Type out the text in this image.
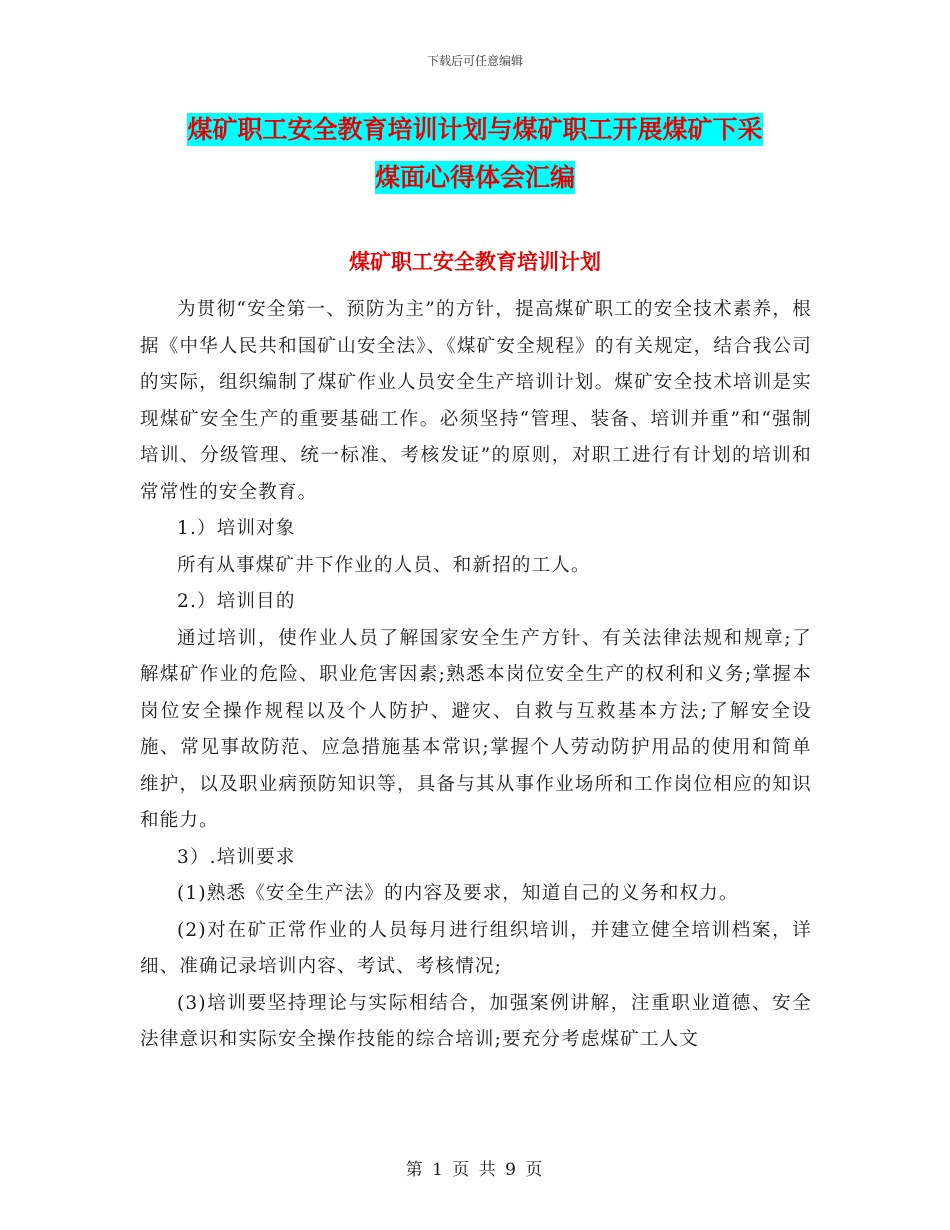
下载后可任意编辑
煤矿职工安全教育培训计划与煤矿职工开展煤矿下采
煤面心得体会汇编
煤矿职工安全教育培训计划

为贯彻“安全第一、预防为主”的方针，提高煤矿职工的安全技术素养，根据《中华人民共和国矿山安全法》、《煤矿安全规程》的有关规定，结合我公司的实际，组织编制了煤矿作业人员安全生产培训计划。煤矿安全技术培训是实现煤矿安全生产的重要基础工作。必须坚持“管理、装备、培训并重”和“强制培训、分级管理、统一标准、考核发证”的原则，对职工进行有计划的培训和常常性的安全教育。

1.）培训对象

所有从事煤矿井下作业的人员、和新招的工人。

2.）培训目的

通过培训，使作业人员了解国家安全生产方针、有关法律法规和规章;了解煤矿作业的危险、职业危害因素;熟悉本岗位安全生产的权利和义务;掌握本岗位安全操作规程以及个人防护、避灾、自救与互救基本方法;了解安全设施、常见事故防范、应急措施基本常识;掌握个人劳动防护用品的使用和简单维护，以及职业病预防知识等，具备与其从事作业场所和工作岗位相应的知识和能力。

3）.培训要求

(1)熟悉《安全生产法》的内容及要求，知道自己的义务和权力。

(2)对在矿正常作业的人员每月进行组织培训，并建立健全培训档案，详细、准确记录培训内容、考试、考核情况;

(3)培训要坚持理论与实际相结合，加强案例讲解，注重职业道德、安全法律意识和实际安全操作技能的综合培训;要充分考虑煤矿工人文

第 1 页 共 9 页
